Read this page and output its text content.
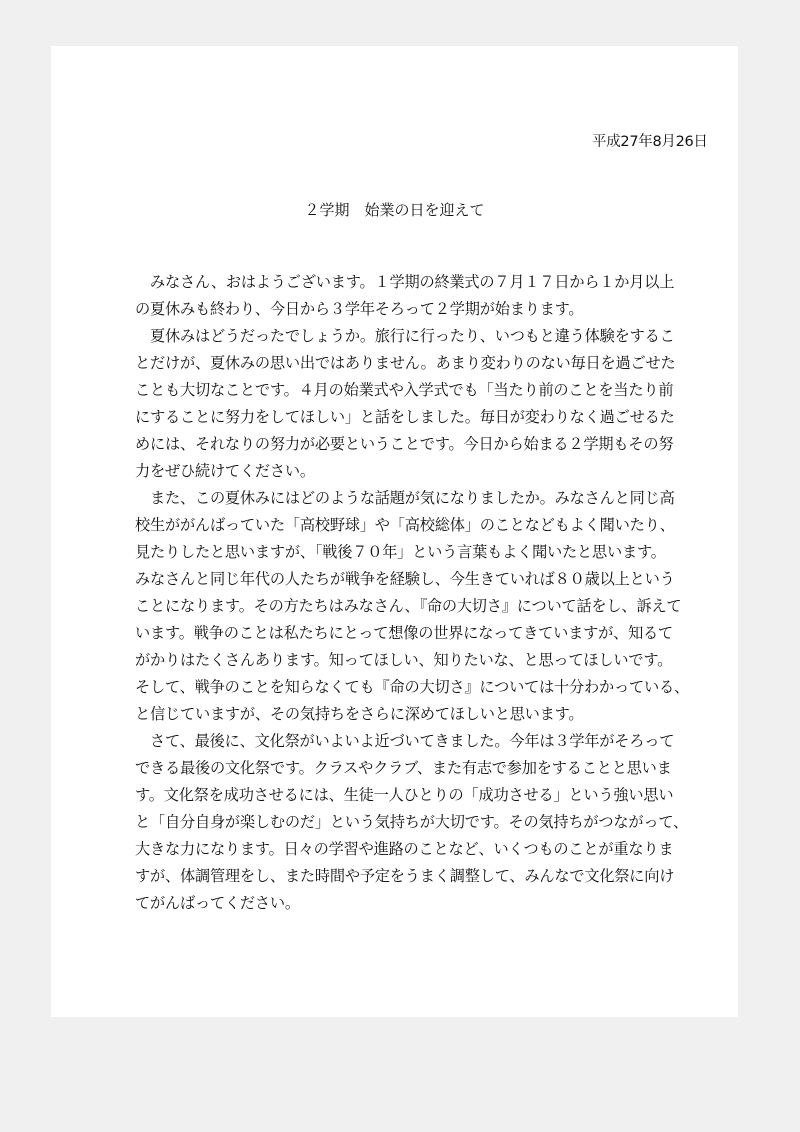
平成27年8月26日
２学期　始業の日を迎えて
　みなさん、おはようございます。１学期の終業式の７月１７日から１か月以上
の夏休みも終わり、今日から３学年そろって２学期が始まります。
　夏休みはどうだったでしょうか。旅行に行ったり、いつもと違う体験をするこ
とだけが、夏休みの思い出ではありません。あまり変わりのない毎日を過ごせた
ことも大切なことです。４月の始業式や入学式でも「当たり前のことを当たり前
にすることに努力をしてほしい」と話をしました。毎日が変わりなく過ごせるた
めには、それなりの努力が必要ということです。今日から始まる２学期もその努
力をぜひ続けてください。
　また、この夏休みにはどのような話題が気になりましたか。みなさんと同じ高
校生ががんばっていた「高校野球」や「高校総体」のことなどもよく聞いたり、
見たりしたと思いますが、「戦後７０年」という言葉もよく聞いたと思います。
みなさんと同じ年代の人たちが戦争を経験し、今生きていれば８０歳以上という
ことになります。その方たちはみなさん、『命の大切さ』について話をし、訴えて
います。戦争のことは私たちにとって想像の世界になってきていますが、知るて
がかりはたくさんあります。知ってほしい、知りたいな、と思ってほしいです。
そして、戦争のことを知らなくても『命の大切さ』については十分わかっている、
と信じていますが、その気持ちをさらに深めてほしいと思います。
　さて、最後に、文化祭がいよいよ近づいてきました。今年は３学年がそろって
できる最後の文化祭です。クラスやクラブ、また有志で参加をすることと思いま
す。文化祭を成功させるには、生徒一人ひとりの「成功させる」という強い思い
と「自分自身が楽しむのだ」という気持ちが大切です。その気持ちがつながって、
大きな力になります。日々の学習や進路のことなど、いくつものことが重なりま
すが、体調管理をし、また時間や予定をうまく調整して、みんなで文化祭に向け
てがんばってください。
